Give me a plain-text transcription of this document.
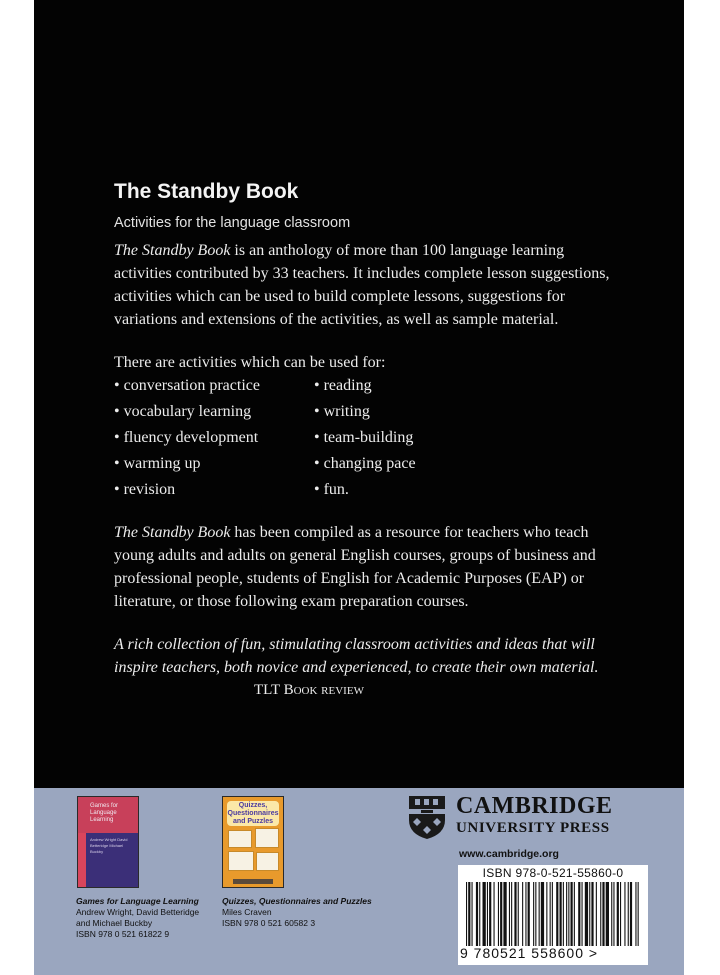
The Standby Book
Activities for the language classroom

The Standby Book is an anthology of more than 100 language learning activities contributed by 33 teachers. It includes complete lesson suggestions, activities which can be used to build complete lessons, suggestions for variations and extensions of the activities, as well as sample material.

There are activities which can be used for:
• conversation practice	• reading
• vocabulary learning	• writing
• fluency development	• team-building
• warming up	• changing pace
• revision	• fun.

The Standby Book has been compiled as a resource for teachers who teach young adults and adults on general English courses, groups of business and professional people, students of English for Academic Purposes (EAP) or literature, or those following exam preparation courses.

A rich collection of fun, stimulating classroom activities and ideas that will inspire teachers, both novice and experienced, to create their own material.
TLT Book review
Games for Language Learning
Andrew Wright David Betteridge Michael Buckby
Games for Language Learning
Andrew Wright, David Betteridge
and Michael Buckby
ISBN 978 0 521 61822 9
Quizzes, Questionnaires and Puzzles
Quizzes, Questionnaires and Puzzles
Miles Craven
ISBN 978 0 521 60582 3
CAMBRIDGE
UNIVERSITY PRESS
www.cambridge.org
ISBN 978-0-521-55860-0
9 780521 558600 >
